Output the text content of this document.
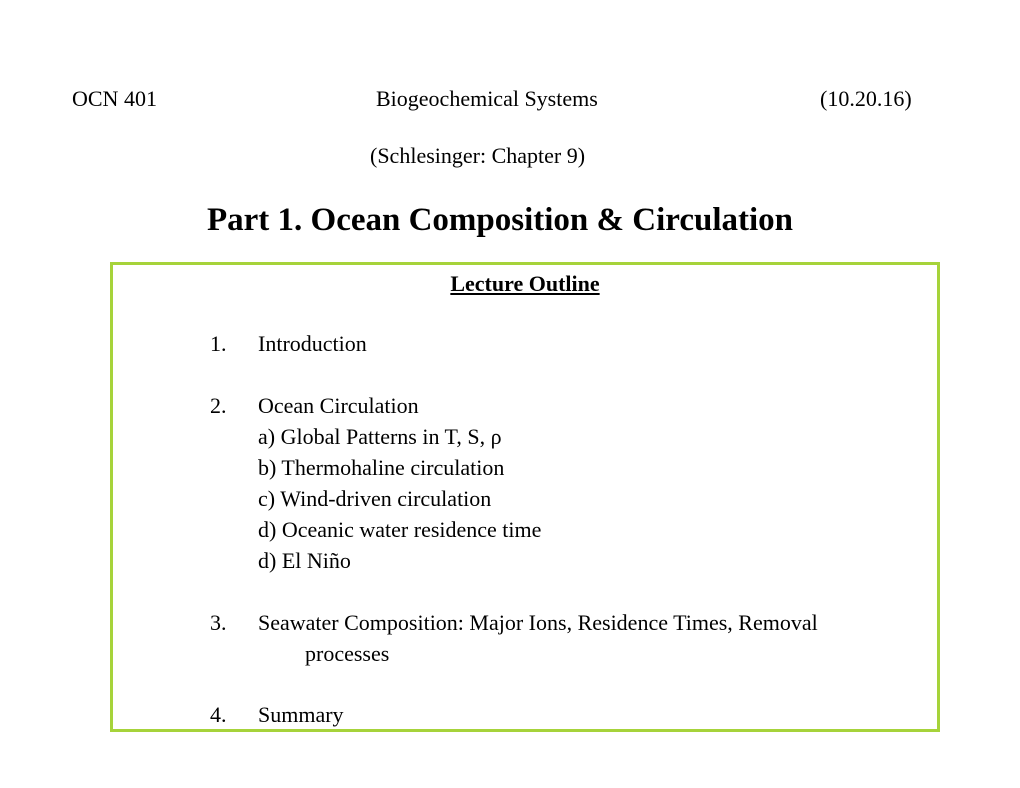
OCN 401	Biogeochemical Systems	(10.20.16)
(Schlesinger: Chapter 9)
Part 1. Ocean Composition & Circulation
Lecture Outline
1.	Introduction
2.	Ocean Circulation
a) Global Patterns in T, S, ρ
b) Thermohaline circulation
c) Wind-driven circulation
d) Oceanic water residence time
d) El Niño
3.	Seawater Composition: Major Ions, Residence Times, Removal
processes
4.	Summary
